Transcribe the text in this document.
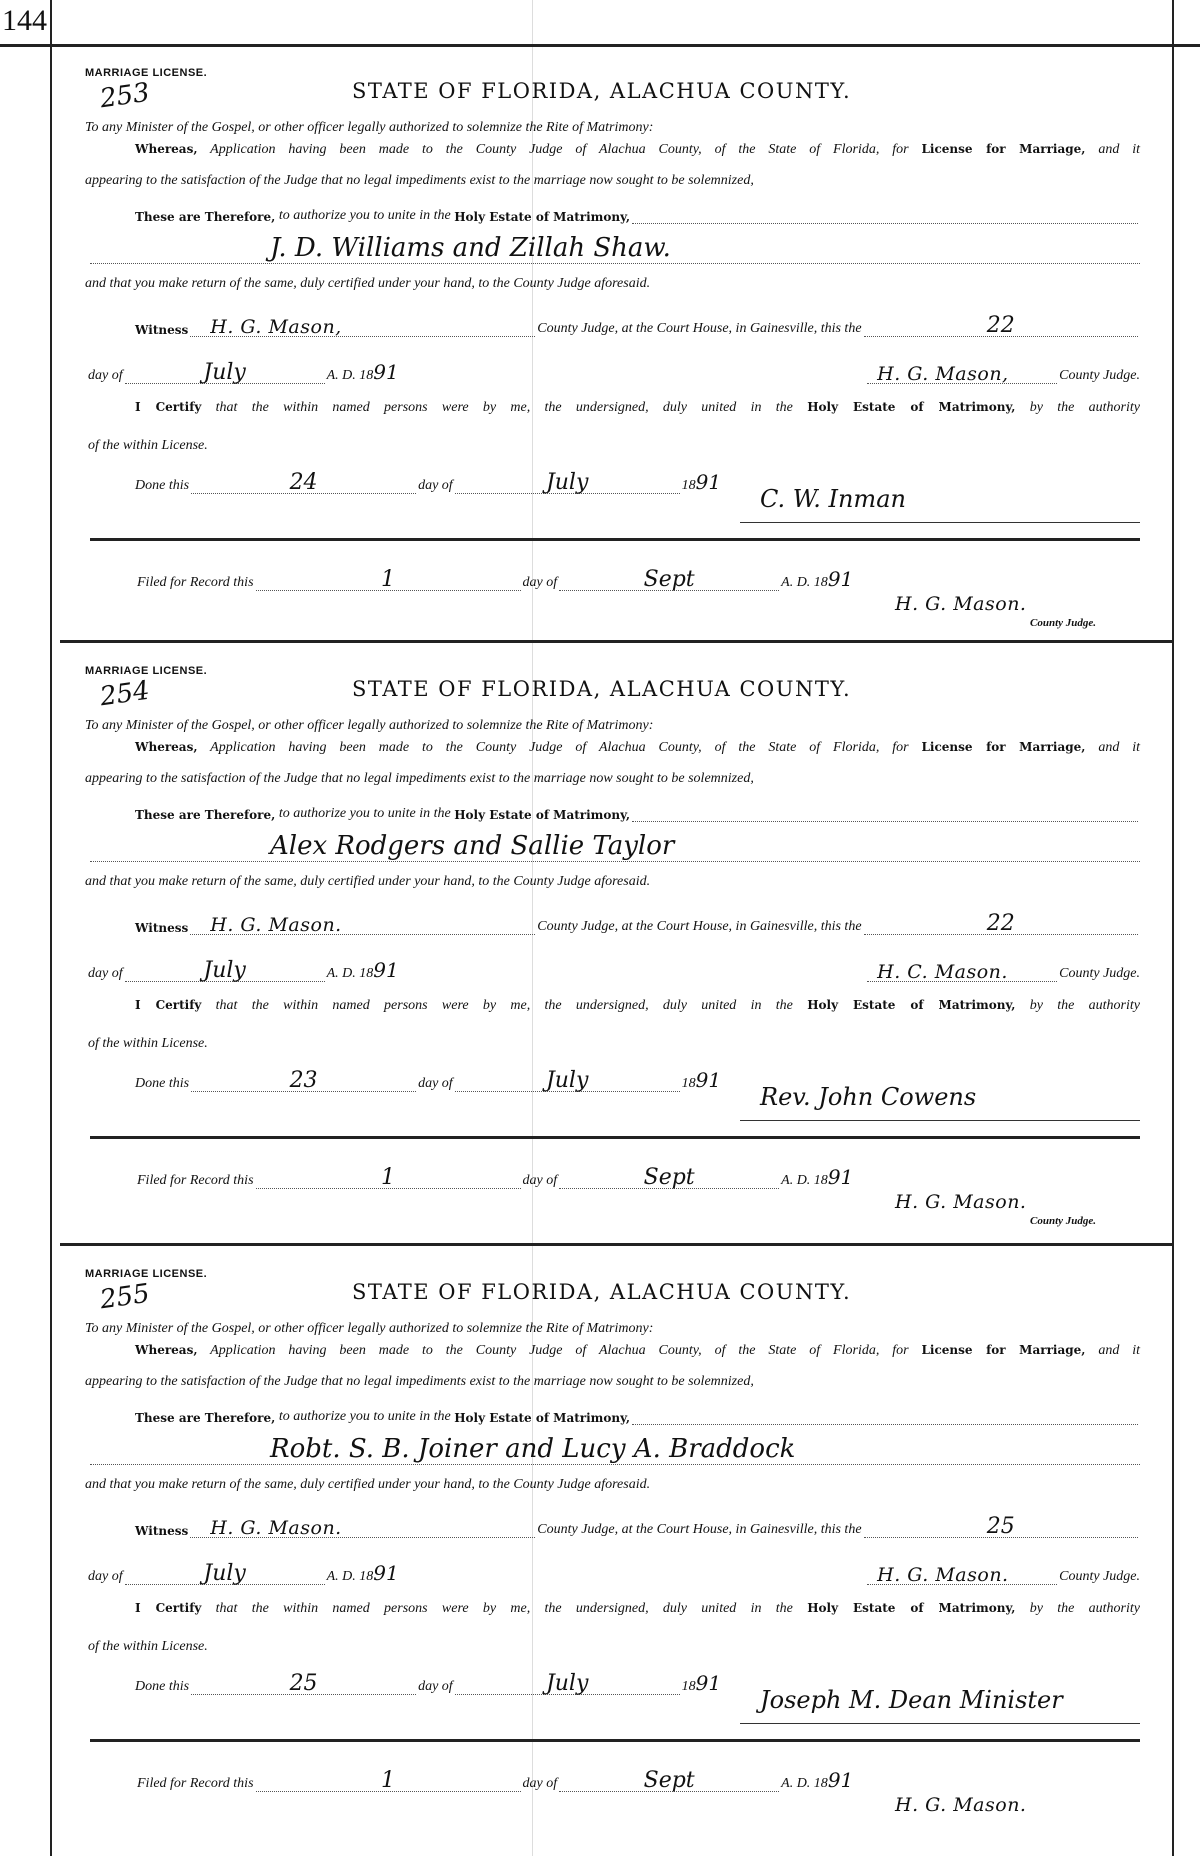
144
MARRIAGE LICENSE.
253	STATE OF FLORIDA, ALACHUA COUNTY.
To any Minister of the Gospel, or other officer legally authorized to solemnize the Rite of Matrimony:
Whereas, Application having been made to the County Judge of Alachua County, of the State of Florida, for License for Marriage, and it
appearing to the satisfaction of the Judge that no legal impediments exist to the marriage now sought to be solemnized,
These are Therefore,
to authorize you to unite in the
Holy Estate of Matrimony,
J. D. Williams and Zillah Shaw.
and that you make return of the same, duly certified under your hand, to the County Judge aforesaid.
Witness H. G. Mason,	County Judge, at the Court House, in Gainesville, this the	22
day of	July	A. D. 18 91	H. G. Mason,	County Judge.
I Certify that the within named persons were by me, the undersigned, duly united in the Holy Estate of Matrimony, by the authority
of the within License.
Done this	24	day of	July	18 91
C. W. Inman
Filed for Record this	1	day of	Sept	A. D. 18 91
H. G. Mason.
County Judge.
MARRIAGE LICENSE.
254	STATE OF FLORIDA, ALACHUA COUNTY.
To any Minister of the Gospel, or other officer legally authorized to solemnize the Rite of Matrimony:
Whereas, Application having been made to the County Judge of Alachua County, of the State of Florida, for License for Marriage, and it
appearing to the satisfaction of the Judge that no legal impediments exist to the marriage now sought to be solemnized,
These are Therefore,
to authorize you to unite in the
Holy Estate of Matrimony,
Alex Rodgers and Sallie Taylor
and that you make return of the same, duly certified under your hand, to the County Judge aforesaid.
Witness H. G. Mason.	County Judge, at the Court House, in Gainesville, this the	22
day of	July	A. D. 18 91	H. C. Mason.	County Judge.
I Certify that the within named persons were by me, the undersigned, duly united in the Holy Estate of Matrimony, by the authority
of the within License.
Done this	23	day of	July	18 91
Rev. John Cowens
Filed for Record this	1	day of	Sept	A. D. 18 91
H. G. Mason.
County Judge.
MARRIAGE LICENSE.
255	STATE OF FLORIDA, ALACHUA COUNTY.
To any Minister of the Gospel, or other officer legally authorized to solemnize the Rite of Matrimony:
Whereas, Application having been made to the County Judge of Alachua County, of the State of Florida, for License for Marriage, and it
appearing to the satisfaction of the Judge that no legal impediments exist to the marriage now sought to be solemnized,
These are Therefore,
to authorize you to unite in the
Holy Estate of Matrimony,
Robt. S. B. Joiner and Lucy A. Braddock
and that you make return of the same, duly certified under your hand, to the County Judge aforesaid.
Witness H. G. Mason.	County Judge, at the Court House, in Gainesville, this the	25
day of	July	A. D. 18 91	H. G. Mason.	County Judge.
I Certify that the within named persons were by me, the undersigned, duly united in the Holy Estate of Matrimony, by the authority
of the within License.
Done this	25	day of	July	18 91
Joseph M. Dean Minister
Filed for Record this	1	day of	Sept	A. D. 18 91
H. G. Mason.
